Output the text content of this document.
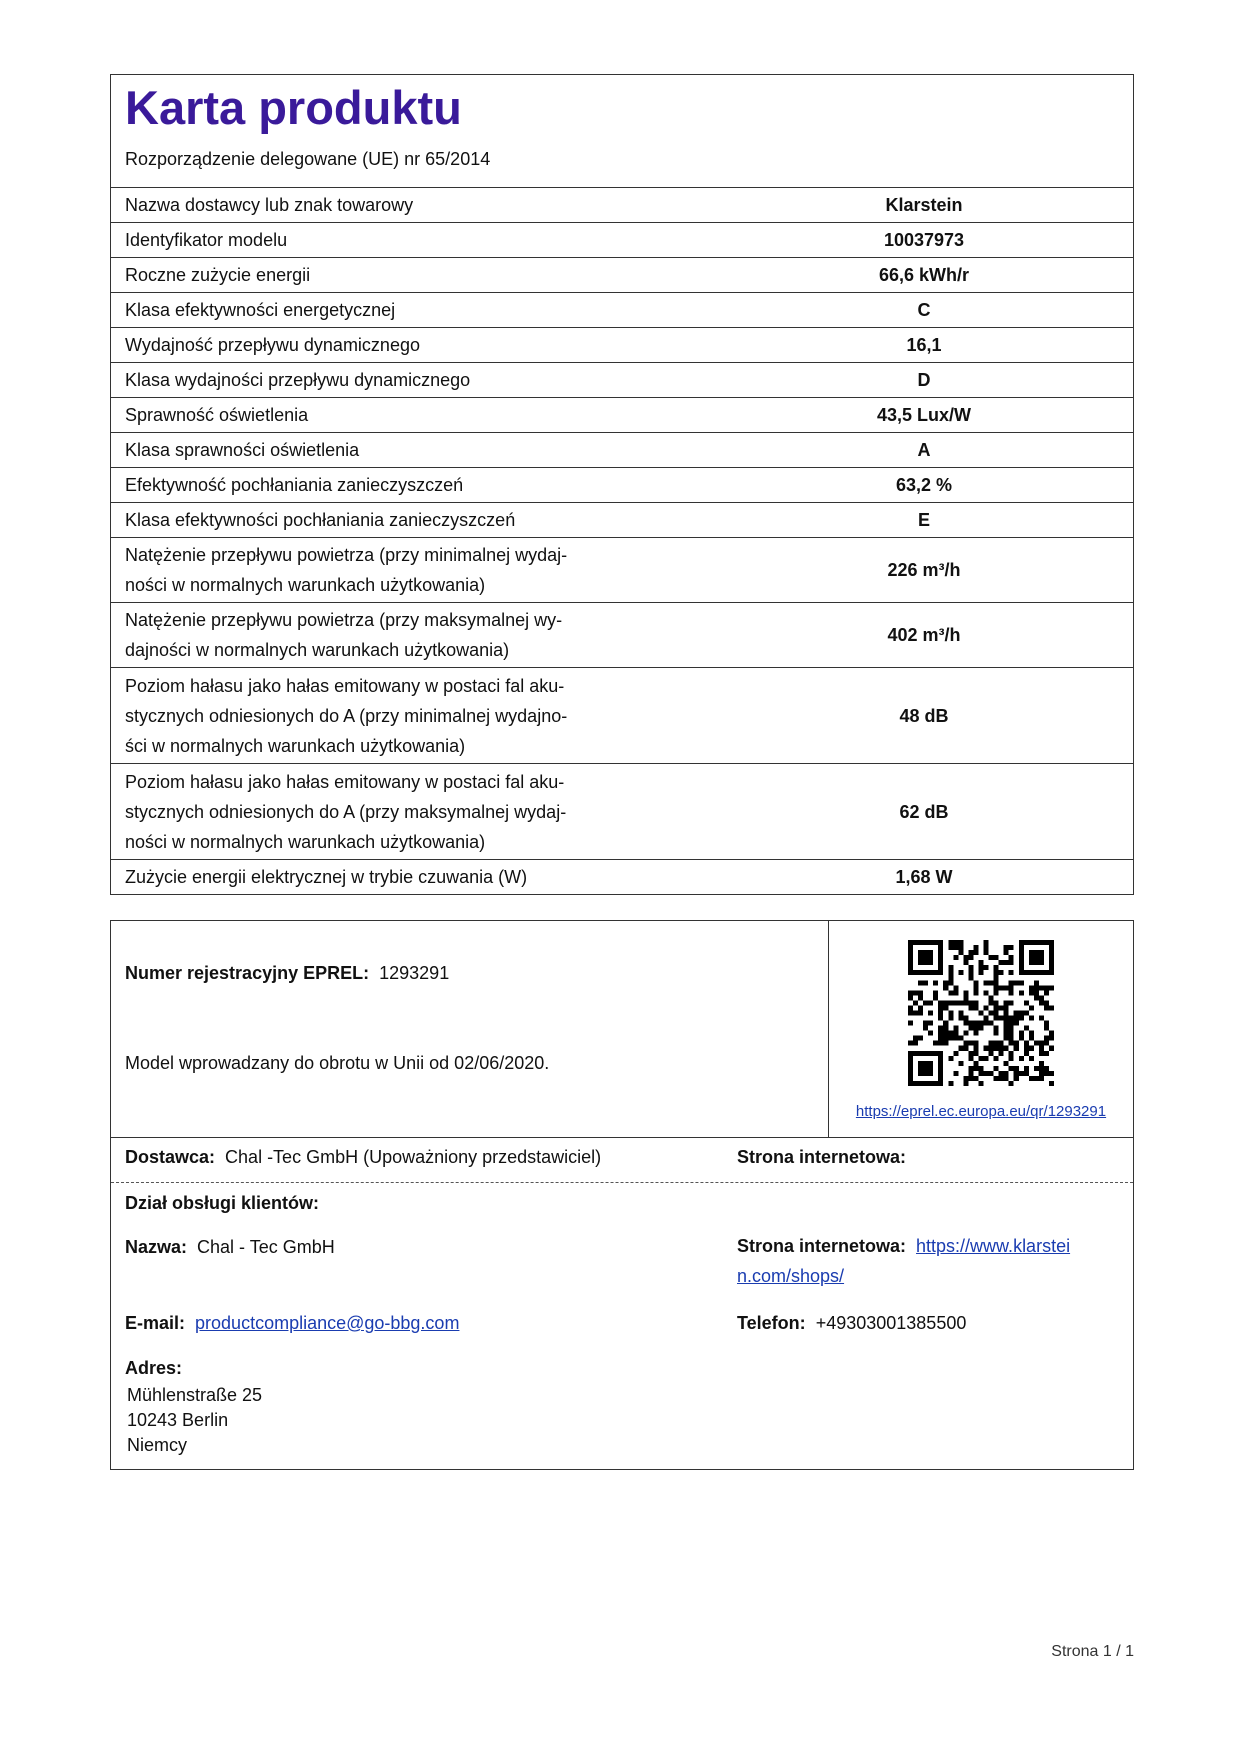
Karta produktu
Rozporządzenie delegowane (UE) nr 65/2014
Nazwa dostawcy lub znak towarowy	Klarstein
Identyfikator modelu	10037973
Roczne zużycie energii	66,6 kWh/r
Klasa efektywności energetycznej	C
Wydajność przepływu dynamicznego	16,1
Klasa wydajności przepływu dynamicznego	D
Sprawność oświetlenia	43,5 Lux/W
Klasa sprawności oświetlenia	A
Efektywność pochłaniania zanieczyszczeń	63,2 %
Klasa efektywności pochłaniania zanieczyszczeń	E
Natężenie przepływu powietrza (przy minimalnej wydaj-
ności w normalnych warunkach użytkowania)	226 m³/h
Natężenie przepływu powietrza (przy maksymalnej wy-
dajności w normalnych warunkach użytkowania)	402 m³/h
Poziom hałasu jako hałas emitowany w postaci fal aku-
stycznych odniesionych do A (przy minimalnej wydajno-
ści w normalnych warunkach użytkowania)	48 dB
Poziom hałasu jako hałas emitowany w postaci fal aku-
stycznych odniesionych do A (przy maksymalnej wydaj-
ności w normalnych warunkach użytkowania)	62 dB
Zużycie energii elektrycznej w trybie czuwania (W)	1,68 W
Numer rejestracyjny EPREL: 1293291
Model wprowadzany do obrotu w Unii od 02/06/2020.
https://eprel.ec.europa.eu/qr/1293291
Dostawca: Chal -Tec GmbH (Upoważniony przedstawiciel)	Strona internetowa:
Dział obsługi klientów:
Nazwa: Chal - Tec GmbH	Strona internetowa: https://www.klarstei
n.com/shops/
E-mail: productcompliance@go-bbg.com	Telefon: +49303001385500
Adres:
Mühlenstraße 25
10243 Berlin
Niemcy
Strona 1 / 1
